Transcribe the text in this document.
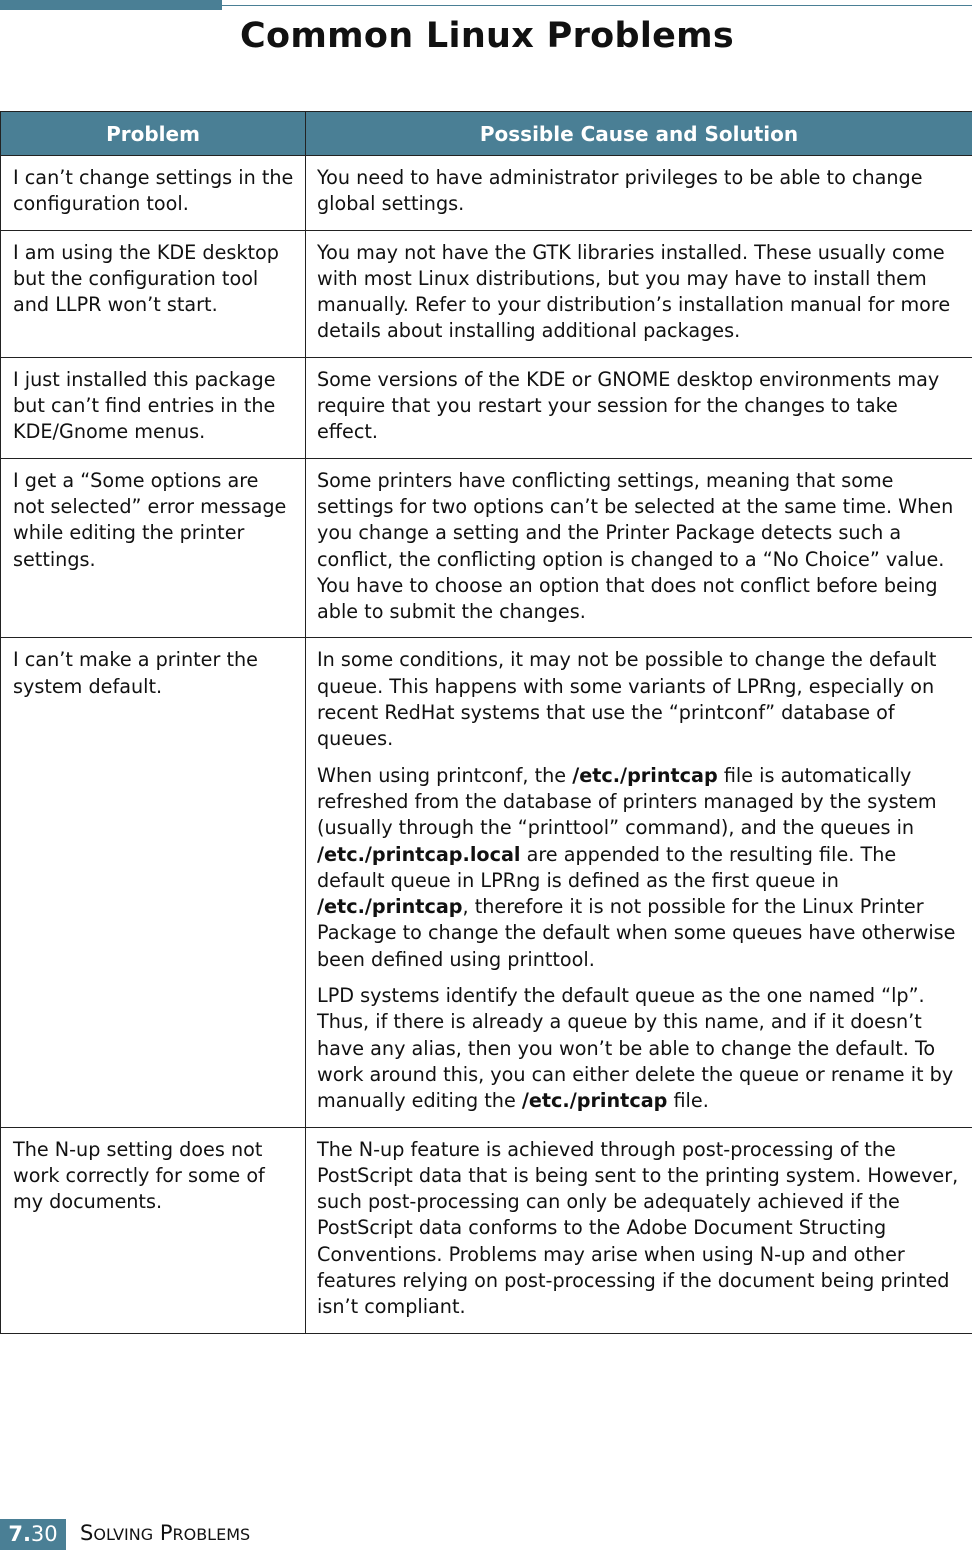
Common Linux Problems
Problem	Possible Cause and Solution
I can’t change settings in the configuration tool.	You need to have administrator privileges to be able to change global settings.

I am using the KDE desktop but the configuration tool and LLPR won’t start.	You may not have the GTK libraries installed. These usually come with most Linux distributions, but you may have to install them manually. Refer to your distribution’s installation manual for more details about installing additional packages.

I just installed this package but can’t find entries in the KDE/Gnome menus.	Some versions of the KDE or GNOME desktop environments may require that you restart your session for the changes to take effect.

I get a “Some options are not selected” error message while editing the printer settings.	Some printers have conflicting settings, meaning that some settings for two options can’t be selected at the same time. When you change a setting and the Printer Package detects such a conflict, the conflicting option is changed to a “No Choice” value. You have to choose an option that does not conflict before being able to submit the changes.

I can’t make a printer the system default.	In some conditions, it may not be possible to change the default queue. This happens with some variants of LPRng, especially on recent RedHat systems that use the “printconf” database of queues.

When using printconf, the /etc./printcap file is automatically refreshed from the database of printers managed by the system (usually through the “printtool” command), and the queues in /etc./printcap.local are appended to the resulting file. The default queue in LPRng is defined as the first queue in /etc./printcap, therefore it is not possible for the Linux Printer Package to change the default when some queues have otherwise been defined using printtool.

LPD systems identify the default queue as the one named “lp”. Thus, if there is already a queue by this name, and if it doesn’t have any alias, then you won’t be able to change the default. To work around this, you can either delete the queue or rename it by manually editing the /etc./printcap file.

The N-up setting does not work correctly for some of my documents.	The N-up feature is achieved through post-processing of the PostScript data that is being sent to the printing system. However, such post-processing can only be adequately achieved if the PostScript data conforms to the Adobe Document Structing Conventions. Problems may arise when using N-up and other features relying on post-processing if the document being printed isn’t compliant.

7.30	SOLVING PROBLEMS
